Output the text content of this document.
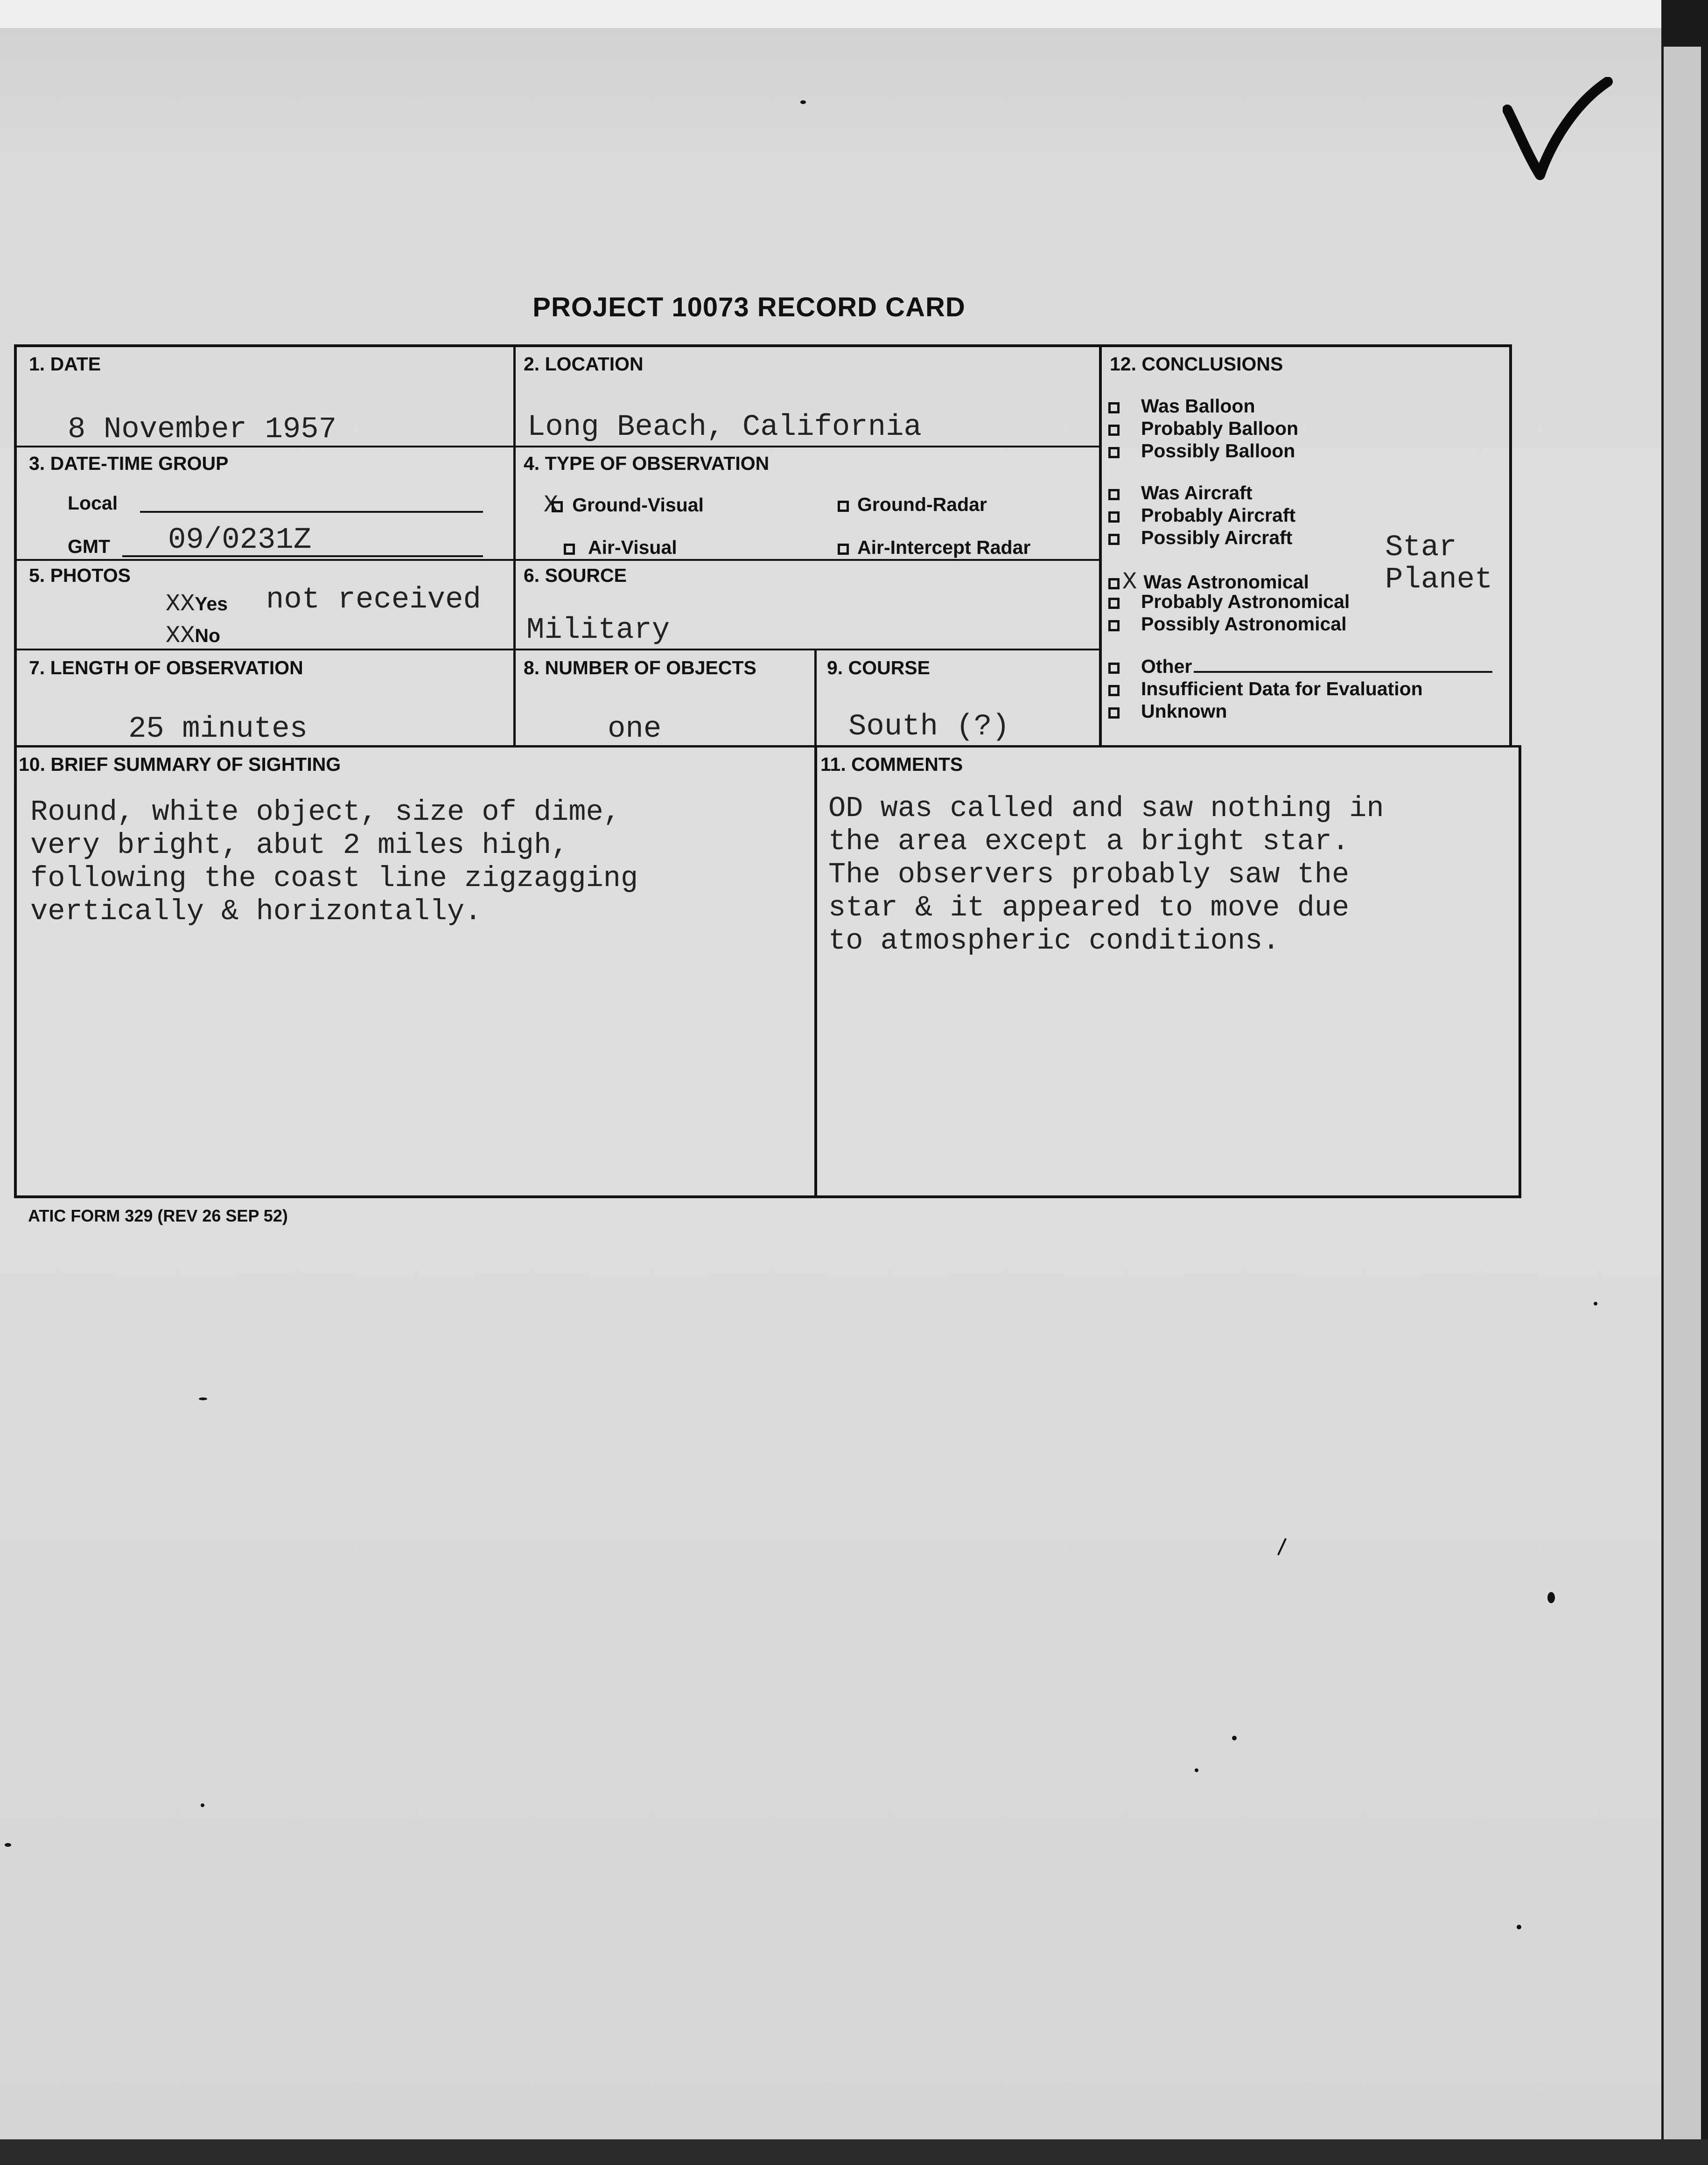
PROJECT 10073 RECORD CARD
1. DATE
8 November 1957
2. LOCATION
Long Beach, California
3. DATE-TIME GROUP
Local
GMT 09/0231Z
4. TYPE OF OBSERVATION
X Ground-Visual	Ground-Radar
Air-Visual	Air-Intercept Radar
5. PHOTOS
XXYes not received
XXNo
6. SOURCE
Military
7. LENGTH OF OBSERVATION
25 minutes
8. NUMBER OF OBJECTS
one
9. COURSE
South (?)
12. CONCLUSIONS
Was Balloon
Probably Balloon
Possibly Balloon
Was Aircraft
Probably Aircraft
Possibly Aircraft
X Was Astronomical
Probably Astronomical
Possibly Astronomical
Star
Planet
Other
Insufficient Data for Evaluation
Unknown
10. BRIEF SUMMARY OF SIGHTING
Round, white object, size of dime,
very bright, abut 2 miles high,
following the coast line zigzagging
vertically & horizontally.
11. COMMENTS
OD was called and saw nothing in
the area except a bright star.
The observers probably saw the
star & it appeared to move due
to atmospheric conditions.
ATIC FORM 329 (REV 26 SEP 52)
